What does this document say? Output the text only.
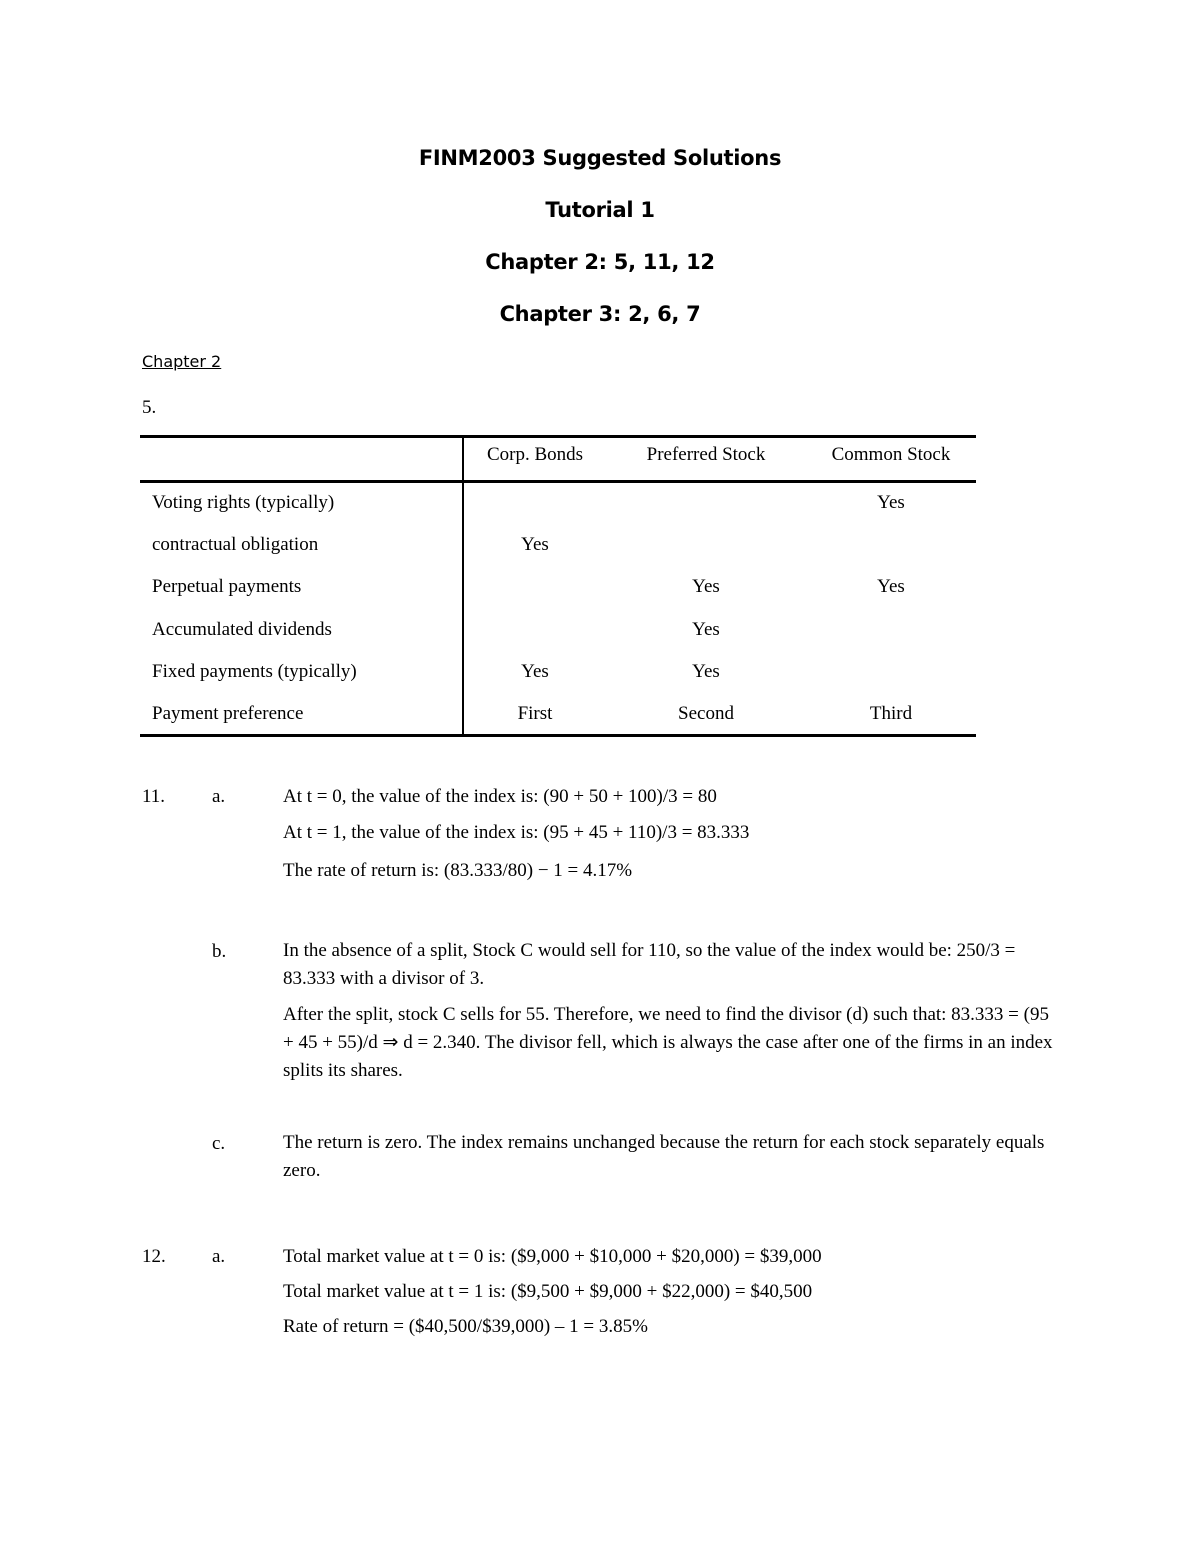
FINM2003 Suggested Solutions
Tutorial 1
Chapter 2: 5, 11, 12
Chapter 3: 2, 6, 7
Chapter 2
5.
	Corp. Bonds	Preferred Stock	Common Stock
Voting rights (typically)			Yes
contractual obligation	Yes		
Perpetual payments		Yes	Yes
Accumulated dividends		Yes	
Fixed payments (typically)	Yes	Yes	
Payment preference	First	Second	Third
11. a.	At t = 0, the value of the index is: (90 + 50 + 100)/3 = 80
At t = 1, the value of the index is: (95 + 45 + 110)/3 = 83.333
The rate of return is: (83.333/80) − 1 = 4.17%
b.	In the absence of a split, Stock C would sell for 110, so the value of the index would be: 250/3 = 83.333 with a divisor of 3.
After the split, stock C sells for 55. Therefore, we need to find the divisor (d) such that: 83.333 = (95 + 45 + 55)/d ⇒ d = 2.340. The divisor fell, which is always the case after one of the firms in an index splits its shares.
c.	The return is zero. The index remains unchanged because the return for each stock separately equals zero.
12. a.	Total market value at t = 0 is: ($9,000 + $10,000 + $20,000) = $39,000
Total market value at t = 1 is: ($9,500 + $9,000 + $22,000) = $40,500
Rate of return = ($40,500/$39,000) – 1 = 3.85%
